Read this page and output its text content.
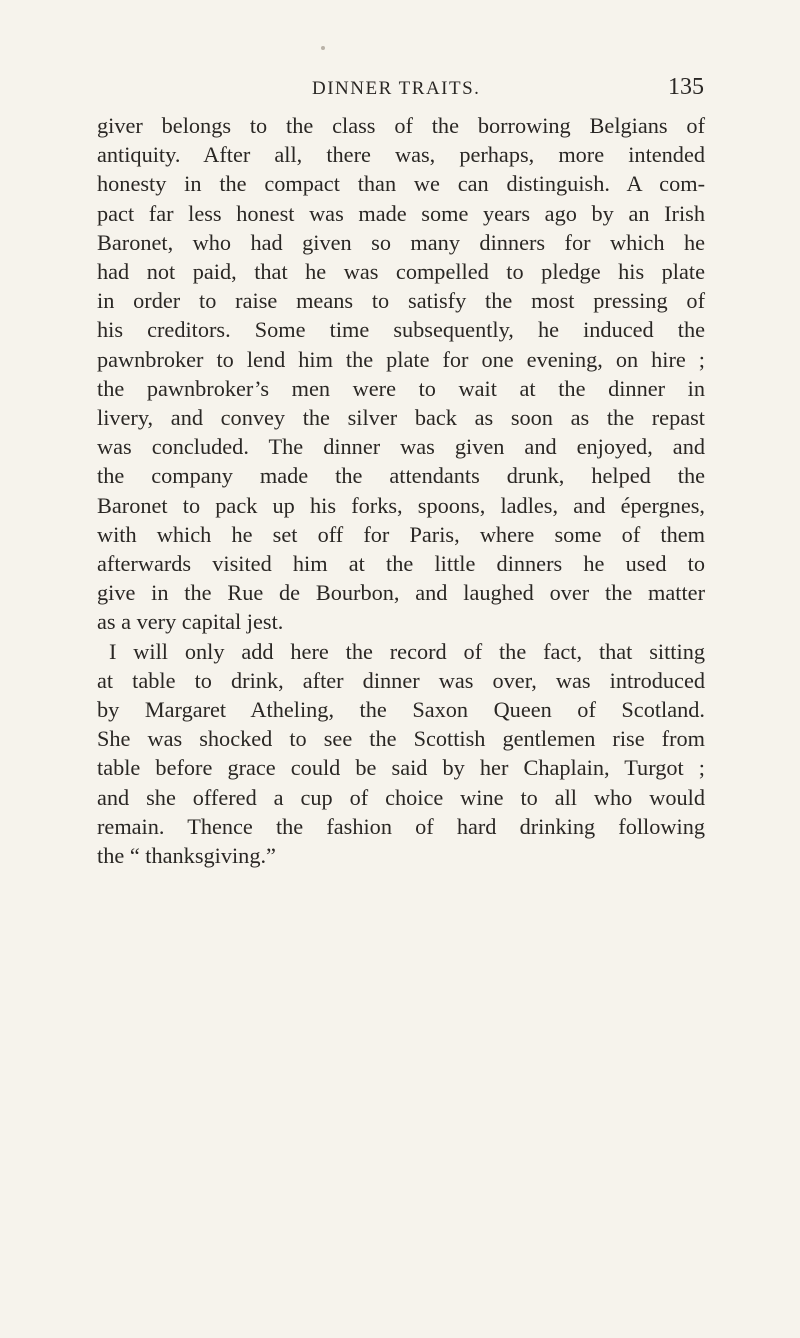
DINNER TRAITS.	135
giver belongs to the class of the borrowing Belgians of
antiquity. After all, there was, perhaps, more intended
honesty in the compact than we can distinguish. A com-
pact far less honest was made some years ago by an Irish
Baronet, who had given so many dinners for which he
had not paid, that he was compelled to pledge his plate
in order to raise means to satisfy the most pressing of
his creditors. Some time subsequently, he induced the
pawnbroker to lend him the plate for one evening, on hire ;
the pawnbroker’s men were to wait at the dinner in
livery, and convey the silver back as soon as the repast
was concluded. The dinner was given and enjoyed, and
the company made the attendants drunk, helped the
Baronet to pack up his forks, spoons, ladles, and épergnes,
with which he set off for Paris, where some of them
afterwards visited him at the little dinners he used to
give in the Rue de Bourbon, and laughed over the matter
as a very capital jest.
I will only add here the record of the fact, that sitting
at table to drink, after dinner was over, was introduced
by Margaret Atheling, the Saxon Queen of Scotland.
She was shocked to see the Scottish gentlemen rise from
table before grace could be said by her Chaplain, Turgot ;
and she offered a cup of choice wine to all who would
remain. Thence the fashion of hard drinking following
the “ thanksgiving.”
